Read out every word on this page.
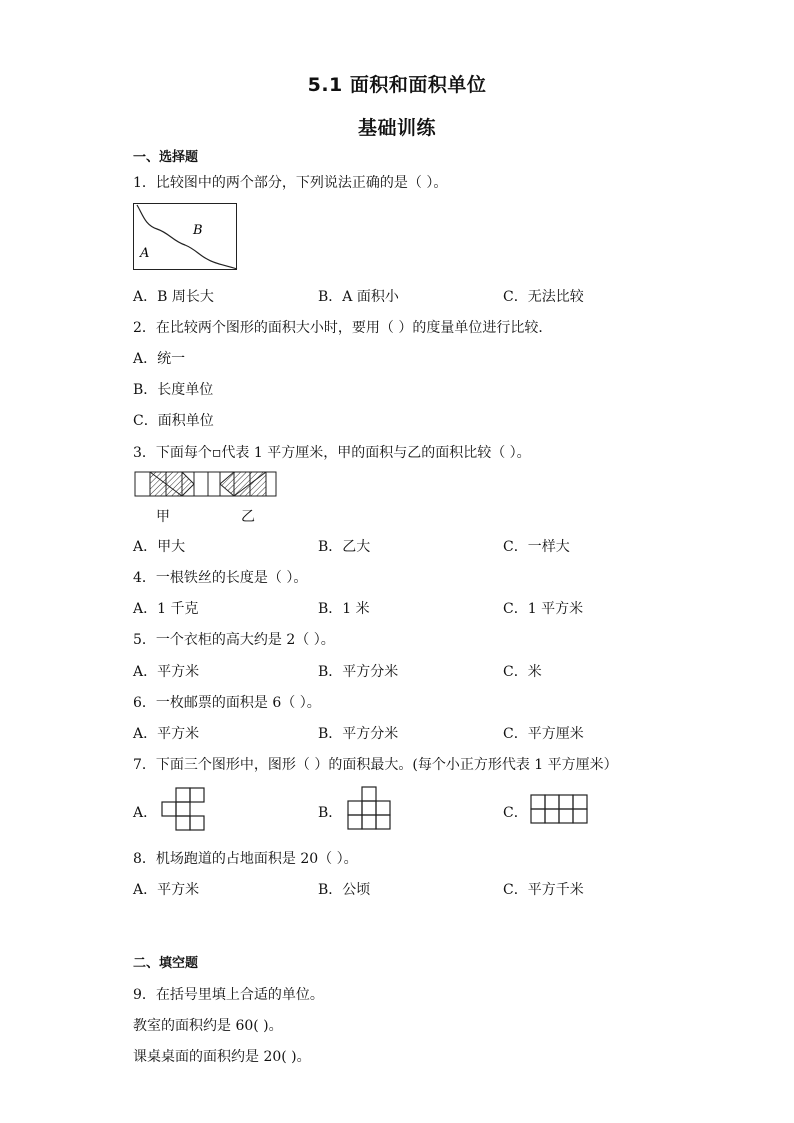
5.1 面积和面积单位
基础训练
一、选择题
1．比较图中的两个部分，下列说法正确的是（ ）。
B
A
A．B 周长大	B．A 面积小	C．无法比较
2．在比较两个图形的面积大小时，要用（ ）的度量单位进行比较．
A．统一
B．长度单位
C．面积单位
3．下面每个▫代表 1 平方厘米，甲的面积与乙的面积比较（ ）。
甲	乙
A．甲大	B．乙大	C．一样大
4．一根铁丝的长度是（ ）。
A．1 千克	B．1 米	C．1 平方米
5．一个衣柜的高大约是 2（ ）。
A．平方米	B．平方分米	C．米
6．一枚邮票的面积是 6（ ）。
A．平方米	B．平方分米	C．平方厘米
7．下面三个图形中，图形（ ）的面积最大。(每个小正方形代表 1 平方厘米）
A．	B．	C．
8．机场跑道的占地面积是 20（ ）。
A．平方米	B．公顷	C．平方千米
二、填空题
9．在括号里填上合适的单位。
教室的面积约是 60( )。
课桌桌面的面积约是 20( )。
